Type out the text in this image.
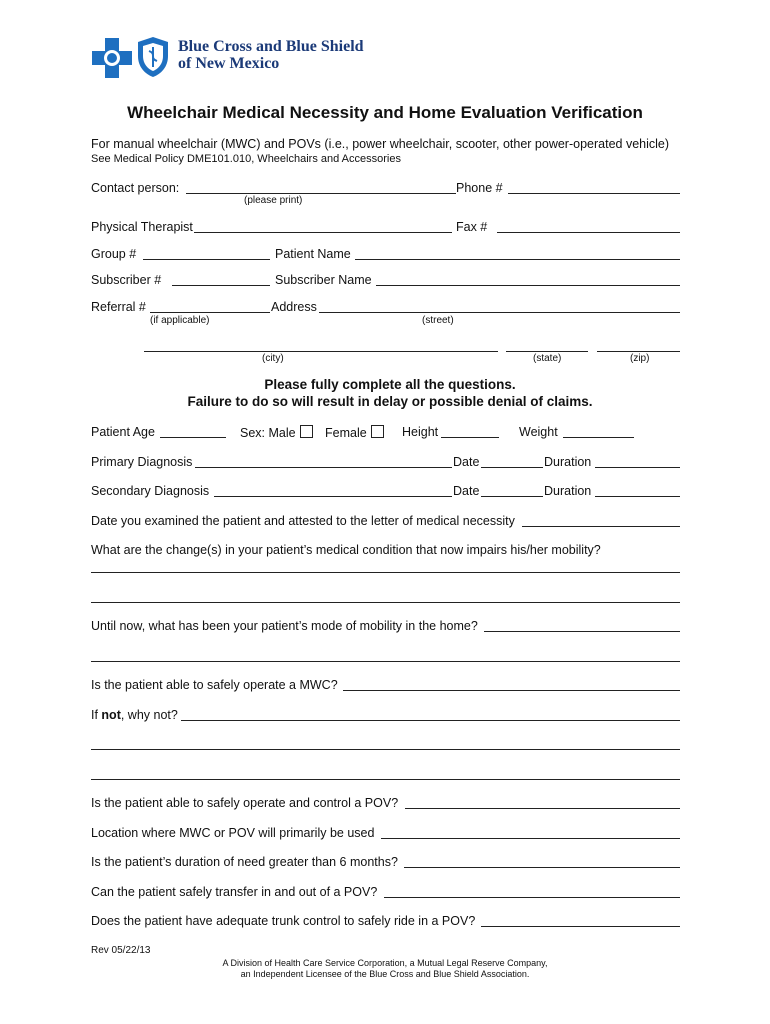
Blue Cross and Blue Shield
of New Mexico
Wheelchair Medical Necessity and Home Evaluation Verification
For manual wheelchair (MWC) and POVs (i.e., power wheelchair, scooter, other power-operated vehicle)
See Medical Policy DME101.010, Wheelchairs and Accessories
Contact person:	Phone #
(please print)
Physical Therapist	Fax #
Group #	Patient Name
Subscriber #	Subscriber Name
Referral #	Address
(if applicable)	(street)
(city)	(state)	(zip)
Please fully complete all the questions.
Failure to do so will result in delay or possible denial of claims.
Patient Age	Sex: Male	Female	Height	Weight
Primary Diagnosis	Date	Duration
Secondary Diagnosis	Date	Duration
Date you examined the patient and attested to the letter of medical necessity
What are the change(s) in your patient’s medical condition that now impairs his/her mobility?
Until now, what has been your patient’s mode of mobility in the home?
Is the patient able to safely operate a MWC?
If not, why not?
Is the patient able to safely operate and control a POV?
Location where MWC or POV will primarily be used
Is the patient’s duration of need greater than 6 months?
Can the patient safely transfer in and out of a POV?
Does the patient have adequate trunk control to safely ride in a POV?
Rev 05/22/13
A Division of Health Care Service Corporation, a Mutual Legal Reserve Company,
an Independent Licensee of the Blue Cross and Blue Shield Association.
